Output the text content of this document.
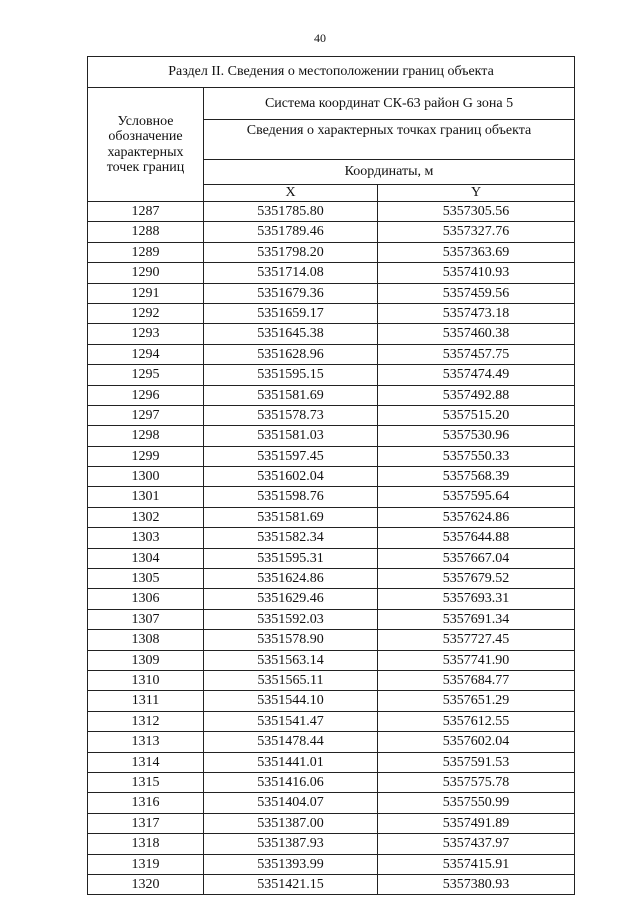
40
Раздел II. Сведения о местоположении границ объекта		
Условное обозначение характерных точек границ	Система координат СК-63 район G зона 5	
	Сведения о характерных точках границ объекта	
	Координаты, м	
	X	Y
1287	5351785.80	5357305.56
1288	5351789.46	5357327.76
1289	5351798.20	5357363.69
1290	5351714.08	5357410.93
1291	5351679.36	5357459.56
1292	5351659.17	5357473.18
1293	5351645.38	5357460.38
1294	5351628.96	5357457.75
1295	5351595.15	5357474.49
1296	5351581.69	5357492.88
1297	5351578.73	5357515.20
1298	5351581.03	5357530.96
1299	5351597.45	5357550.33
1300	5351602.04	5357568.39
1301	5351598.76	5357595.64
1302	5351581.69	5357624.86
1303	5351582.34	5357644.88
1304	5351595.31	5357667.04
1305	5351624.86	5357679.52
1306	5351629.46	5357693.31
1307	5351592.03	5357691.34
1308	5351578.90	5357727.45
1309	5351563.14	5357741.90
1310	5351565.11	5357684.77
1311	5351544.10	5357651.29
1312	5351541.47	5357612.55
1313	5351478.44	5357602.04
1314	5351441.01	5357591.53
1315	5351416.06	5357575.78
1316	5351404.07	5357550.99
1317	5351387.00	5357491.89
1318	5351387.93	5357437.97
1319	5351393.99	5357415.91
1320	5351421.15	5357380.93
